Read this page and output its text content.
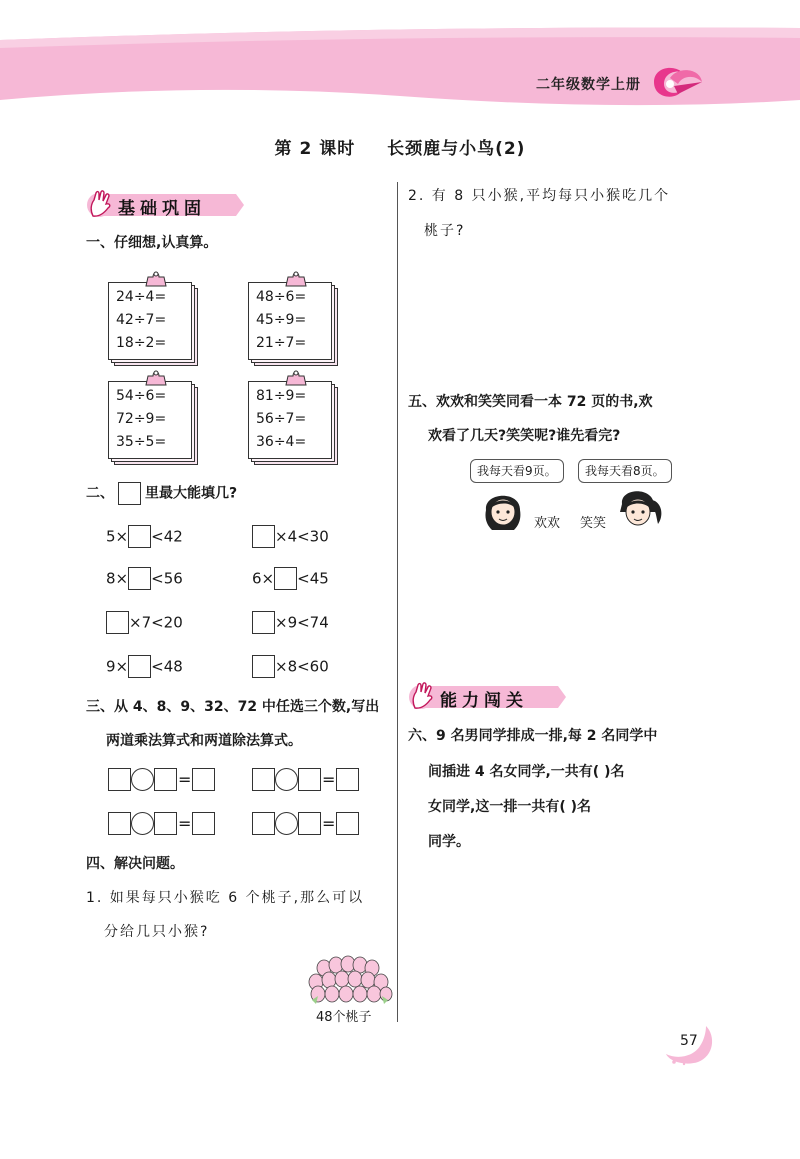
二年级数学上册
第 2 课时 长颈鹿与小鸟(2)
基础巩固
一、仔细想,认真算。
24÷4=
42÷7=
18÷2=
48÷6=
45÷9=
21÷7=
54÷6=
72÷9=
35÷5=
81÷9=
56÷7=
36÷4=
二、 里最大能填几?
5× <42	×4<30
8× <56	6× <45
×7<20	×9<74
9× <48	×8<60
三、从 4、8、9、32、72 中任选三个数,写出
两道乘法算式和两道除法算式。
=	=
=	=
四、解决问题。
1. 如果每只小猴吃 6 个桃子,那么可以
分给几只小猴?
48个桃子
2. 有 8 只小猴,平均每只小猴吃几个
桃子?
五、欢欢和笑笑同看一本 72 页的书,欢
欢看了几天?笑笑呢?谁先看完?
我每天看9页。	我每天看8页。
欢欢 笑笑
能力闯关
六、9 名男同学排成一排,每 2 名同学中
间插进 4 名女同学,一共有( )名
女同学,这一排一共有( )名
同学。
57
